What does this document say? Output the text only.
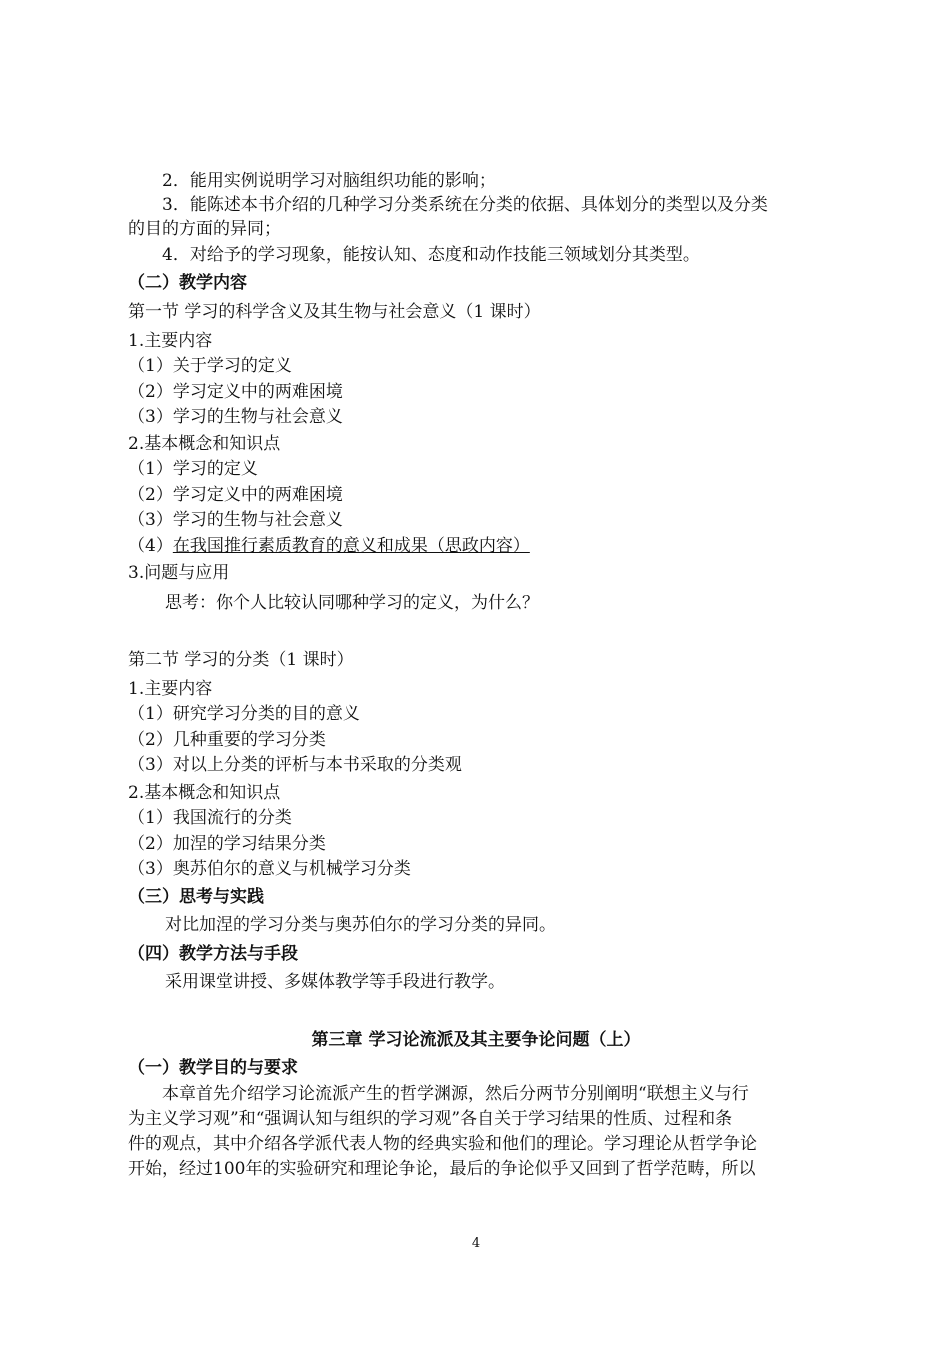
2．能用实例说明学习对脑组织功能的影响；
3．能陈述本书介绍的几种学习分类系统在分类的依据、具体划分的类型以及分类
的目的方面的异同；
4．对给予的学习现象，能按认知、态度和动作技能三领域划分其类型。
（二）教学内容
第一节 学习的科学含义及其生物与社会意义（1 课时）
1.主要内容
（1）关于学习的定义
（2）学习定义中的两难困境
（3）学习的生物与社会意义
2.基本概念和知识点
（1）学习的定义
（2）学习定义中的两难困境
（3）学习的生物与社会意义
（4）在我国推行素质教育的意义和成果（思政内容）
3.问题与应用
思考：你个人比较认同哪种学习的定义，为什么？
第二节 学习的分类（1 课时）
1.主要内容
（1）研究学习分类的目的意义
（2）几种重要的学习分类
（3）对以上分类的评析与本书采取的分类观
2.基本概念和知识点
（1）我国流行的分类
（2）加涅的学习结果分类
（3）奥苏伯尔的意义与机械学习分类
（三）思考与实践
对比加涅的学习分类与奥苏伯尔的学习分类的异同。
（四）教学方法与手段
采用课堂讲授、多媒体教学等手段进行教学。
第三章 学习论流派及其主要争论问题（上）
（一）教学目的与要求
本章首先介绍学习论流派产生的哲学渊源，然后分两节分别阐明“联想主义与行
为主义学习观”和“强调认知与组织的学习观”各自关于学习结果的性质、过程和条
件的观点，其中介绍各学派代表人物的经典实验和他们的理论。学习理论从哲学争论
开始，经过100年的实验研究和理论争论，最后的争论似乎又回到了哲学范畴，所以
4
